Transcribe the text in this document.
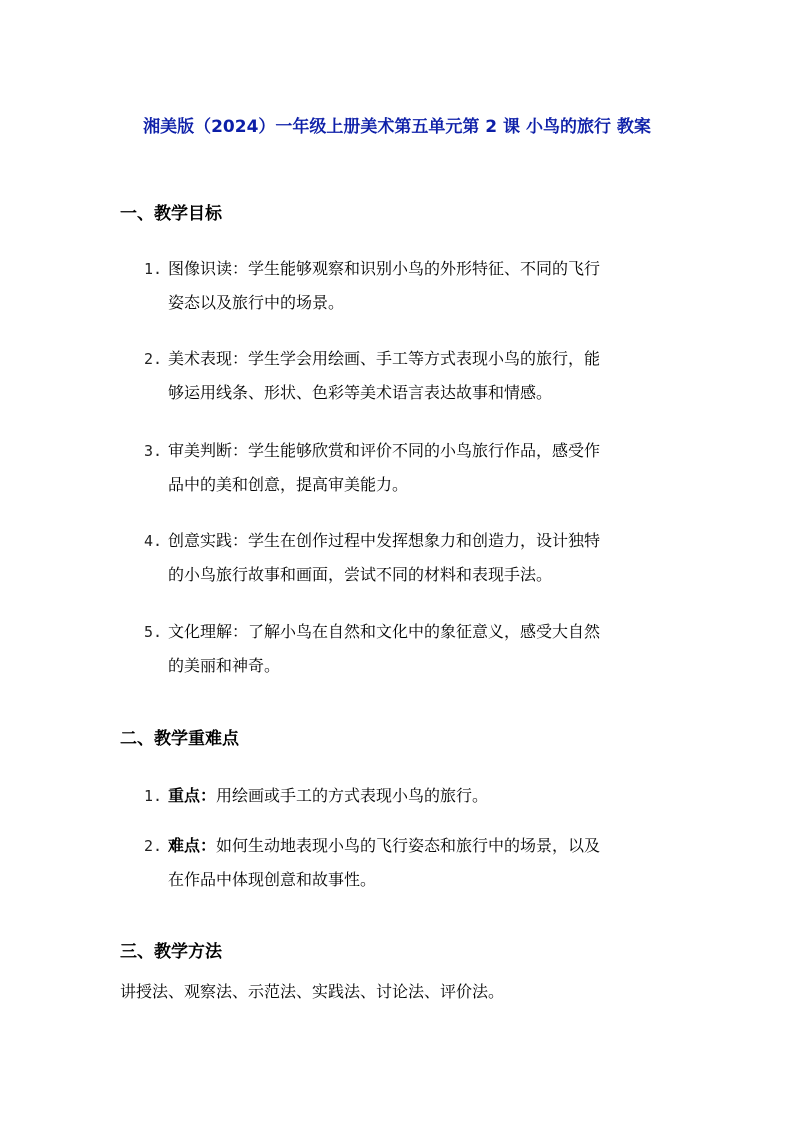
湘美版（2024）一年级上册美术第五单元第 2 课 小鸟的旅行 教案
一、教学目标
1. 图像识读：学生能够观察和识别小鸟的外形特征、不同的飞行
姿态以及旅行中的场景。
2. 美术表现：学生学会用绘画、手工等方式表现小鸟的旅行，能
够运用线条、形状、色彩等美术语言表达故事和情感。
3. 审美判断：学生能够欣赏和评价不同的小鸟旅行作品，感受作
品中的美和创意，提高审美能力。
4. 创意实践：学生在创作过程中发挥想象力和创造力，设计独特
的小鸟旅行故事和画面，尝试不同的材料和表现手法。
5. 文化理解：了解小鸟在自然和文化中的象征意义，感受大自然
的美丽和神奇。
二、教学重难点
1. 重点：用绘画或手工的方式表现小鸟的旅行。
2. 难点：如何生动地表现小鸟的飞行姿态和旅行中的场景，以及
在作品中体现创意和故事性。
三、教学方法
讲授法、观察法、示范法、实践法、讨论法、评价法。
